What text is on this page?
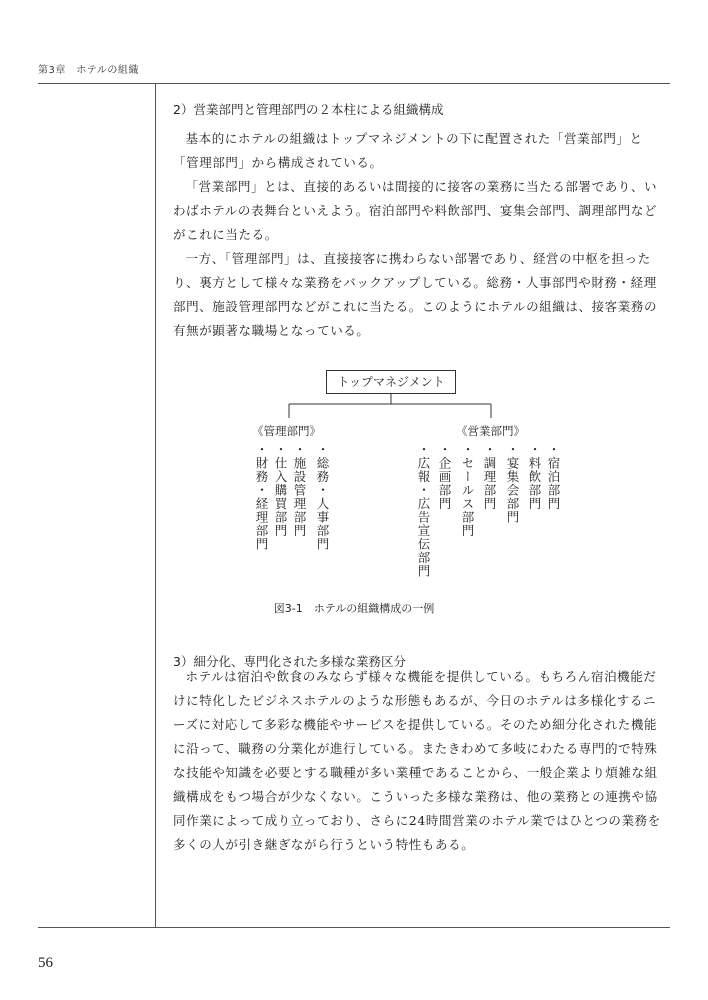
第3章　ホテルの組織
2）営業部門と管理部門の２本柱による組織構成

基本的にホテルの組織はトップマネジメントの下に配置された「営業部門」と「管理部門」から構成されている。

「営業部門」とは、直接的あるいは間接的に接客の業務に当たる部署であり、いわばホテルの表舞台といえよう。宿泊部門や料飲部門、宴集会部門、調理部門などがこれに当たる。

一方、「管理部門」は、直接接客に携わらない部署であり、経営の中枢を担ったり、裏方として様々な業務をバックアップしている。総務・人事部門や財務・経理部門、施設管理部門などがこれに当たる。このようにホテルの組織は、接客業務の有無が顕著な職場となっている。

トップマネジメント
《管理部門》	《営業部門》
・総務・人事部門
・施設管理部門
・仕入購買部門
・財務・経理部門	・宿泊部門
・料飲部門
・宴集会部門
・調理部門
・セールス部門
・企画部門
・広報・広告宣伝部門
図3-1　ホテルの組織構成の一例
3）細分化、専門化された多様な業務区分

ホテルは宿泊や飲食のみならず様々な機能を提供している。もちろん宿泊機能だけに特化したビジネスホテルのような形態もあるが、今日のホテルは多様化するニーズに対応して多彩な機能やサービスを提供している。そのため細分化された機能に沿って、職務の分業化が進行している。またきわめて多岐にわたる専門的で特殊な技能や知識を必要とする職種が多い業種であることから、一般企業より煩雑な組織構成をもつ場合が少なくない。こういった多様な業務は、他の業務との連携や協同作業によって成り立っており、さらに24時間営業のホテル業ではひとつの業務を多くの人が引き継ぎながら行うという特性もある。

56
